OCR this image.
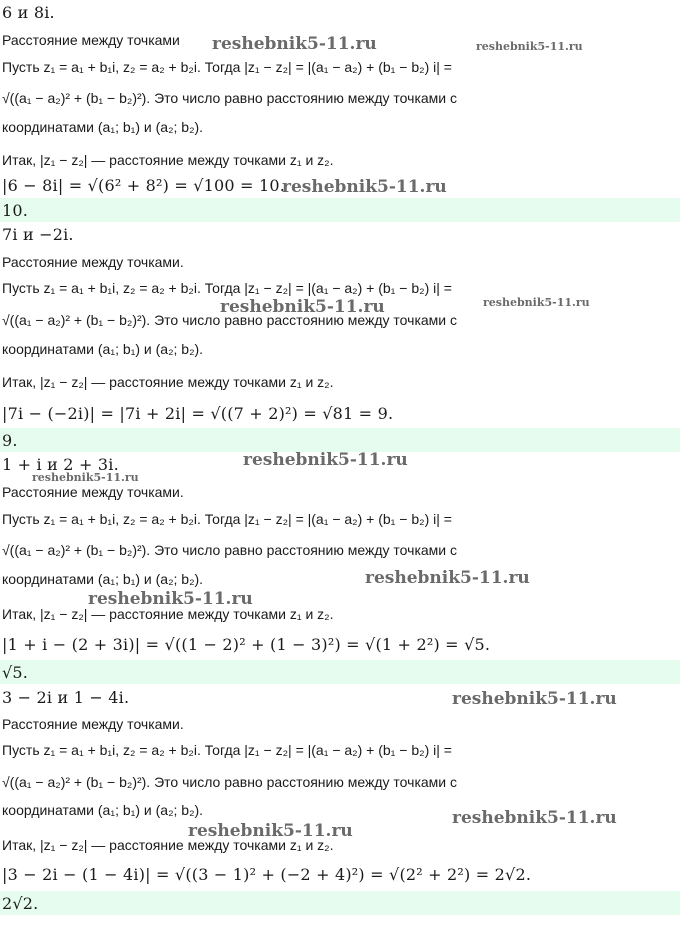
6 и 8i.
Расстояние между точками
Пусть z₁ = a₁ + b₁i, z₂ = a₂ + b₂i. Тогда |z₁ − z₂| = |(a₁ − a₂) + (b₁ − b₂) i| =
√((a₁ − a₂)² + (b₁ − b₂)²). Это число равно расстоянию между точками с
координатами (a₁; b₁) и (a₂; b₂).
Итак, |z₁ − z₂| — расстояние между точками z₁ и z₂.
|6 − 8i| = √(6² + 8²) = √100 = 10.
10.
7i и −2i.
Расстояние между точками.
Пусть z₁ = a₁ + b₁i, z₂ = a₂ + b₂i. Тогда |z₁ − z₂| = |(a₁ − a₂) + (b₁ − b₂) i| =
√((a₁ − a₂)² + (b₁ − b₂)²). Это число равно расстоянию между точками с
координатами (a₁; b₁) и (a₂; b₂).
Итак, |z₁ − z₂| — расстояние между точками z₁ и z₂.
|7i − (−2i)| = |7i + 2i| = √((7 + 2)²) = √81 = 9.
9.
1 + i и 2 + 3i.
Расстояние между точками.
Пусть z₁ = a₁ + b₁i, z₂ = a₂ + b₂i. Тогда |z₁ − z₂| = |(a₁ − a₂) + (b₁ − b₂) i| =
√((a₁ − a₂)² + (b₁ − b₂)²). Это число равно расстоянию между точками с
координатами (a₁; b₁) и (a₂; b₂).
Итак, |z₁ − z₂| — расстояние между точками z₁ и z₂.
|1 + i − (2 + 3i)| = √((1 − 2)² + (1 − 3)²) = √(1 + 2²) = √5.
√5.
3 − 2i и 1 − 4i.
Расстояние между точками.
Пусть z₁ = a₁ + b₁i, z₂ = a₂ + b₂i. Тогда |z₁ − z₂| = |(a₁ − a₂) + (b₁ − b₂) i| =
√((a₁ − a₂)² + (b₁ − b₂)²). Это число равно расстоянию между точками с
координатами (a₁; b₁) и (a₂; b₂).
Итак, |z₁ − z₂| — расстояние между точками z₁ и z₂.
|3 − 2i − (1 − 4i)| = √((3 − 1)² + (−2 + 4)²) = √(2² + 2²) = 2√2.
2√2.
reshebnik5-11.ru	reshebnik5-11.ru
reshebnik5-11.ru
reshebnik5-11.ru	reshebnik5-11.ru
reshebnik5-11.ru
reshebnik5-11.ru
reshebnik5-11.ru
reshebnik5-11.ru
reshebnik5-11.ru
reshebnik5-11.ru
reshebnik5-11.ru
